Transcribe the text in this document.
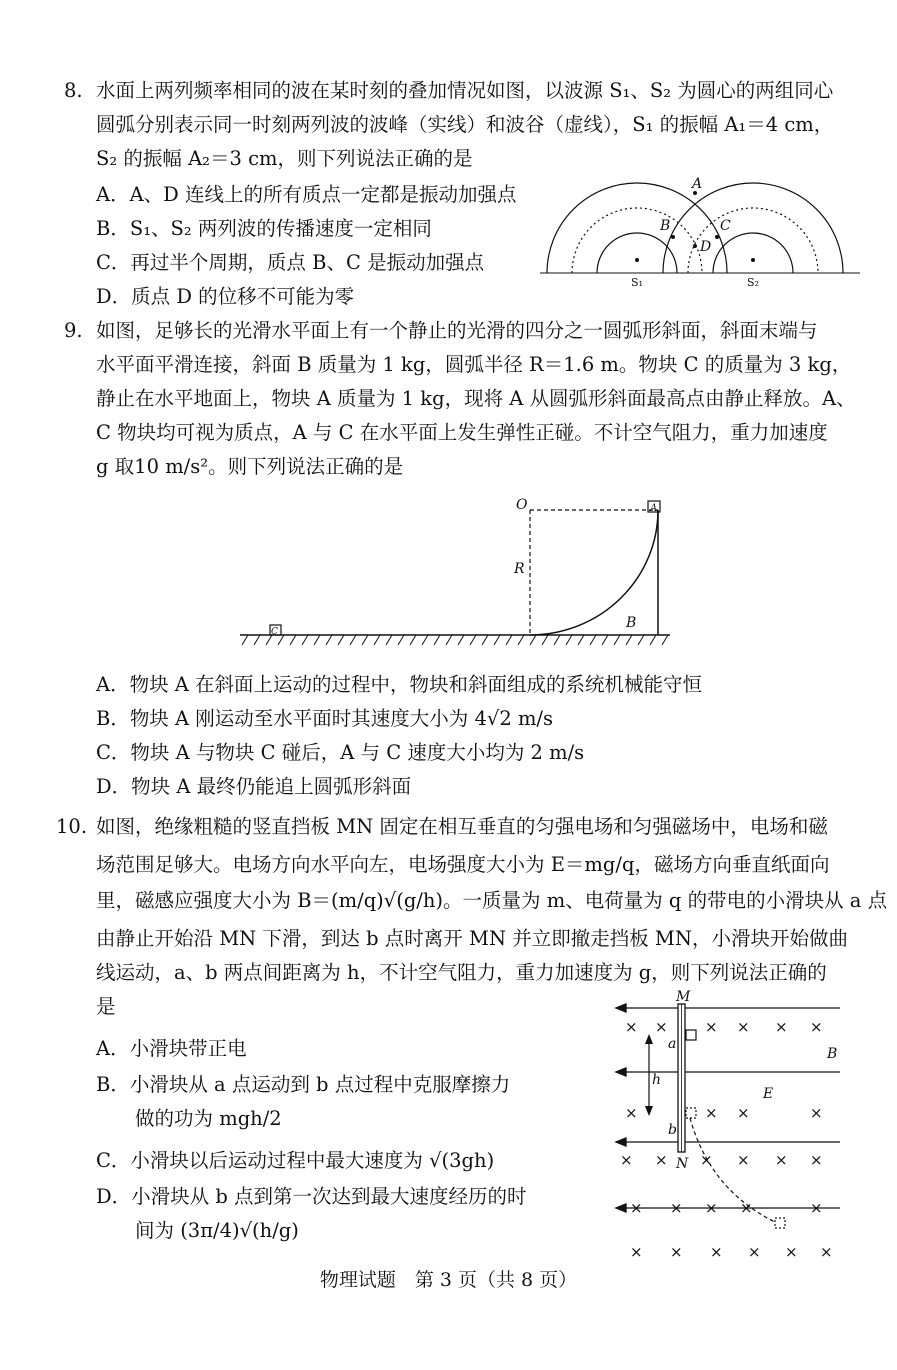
8. 水面上两列频率相同的波在某时刻的叠加情况如图，以波源 S₁、S₂ 为圆心的两组同心
圆弧分别表示同一时刻两列波的波峰（实线）和波谷（虚线），S₁ 的振幅 A₁＝4 cm，
S₂ 的振幅 A₂＝3 cm，则下列说法正确的是
A．A、D 连线上的所有质点一定都是振动加强点
B．S₁、S₂ 两列波的传播速度一定相同
C．再过半个周期，质点 B、C 是振动加强点
D．质点 D 的位移不可能为零
A
B	C
D
S₁	S₂
9. 如图，足够长的光滑水平面上有一个静止的光滑的四分之一圆弧形斜面，斜面末端与
水平面平滑连接，斜面 B 质量为 1 kg，圆弧半径 R＝1.6 m。物块 C 的质量为 3 kg，
静止在水平地面上，物块 A 质量为 1 kg，现将 A 从圆弧形斜面最高点由静止释放。A、
C 物块均可视为质点，A 与 C 在水平面上发生弹性正碰。不计空气阻力，重力加速度
g 取10 m/s²。则下列说法正确的是
C
A
O
R
B
A．物块 A 在斜面上运动的过程中，物块和斜面组成的系统机械能守恒
B．物块 A 刚运动至水平面时其速度大小为 4√2 m/s
C．物块 A 与物块 C 碰后，A 与 C 速度大小均为 2 m/s
D．物块 A 最终仍能追上圆弧形斜面
10. 如图，绝缘粗糙的竖直挡板 MN 固定在相互垂直的匀强电场和匀强磁场中，电场和磁
场范围足够大。电场方向水平向左，电场强度大小为 E＝mg/q，磁场方向垂直纸面向
里，磁感应强度大小为 B＝(m/q)√(g/h)。一质量为 m、电荷量为 q 的带电的小滑块从 a 点
由静止开始沿 MN 下滑，到达 b 点时离开 MN 并立即撤走挡板 MN，小滑块开始做曲
线运动，a、b 两点间距离为 h，不计空气阻力，重力加速度为 g，则下列说法正确的
是
A．小滑块带正电
B．小滑块从 a 点运动到 b 点过程中克服摩擦力
　　做的功为 mgh/2
C．小滑块以后运动过程中最大速度为 √(3gh)
D．小滑块从 b 点到第一次达到最大速度经历的时
　　间为 (3π/4)√(h/g)
× × × × × ×
×	× ×	×
× × × × × ×
× × × ×	×
× × × × × ×
M
N
a
b
h
B
E
物理试题　第 3 页（共 8 页）
